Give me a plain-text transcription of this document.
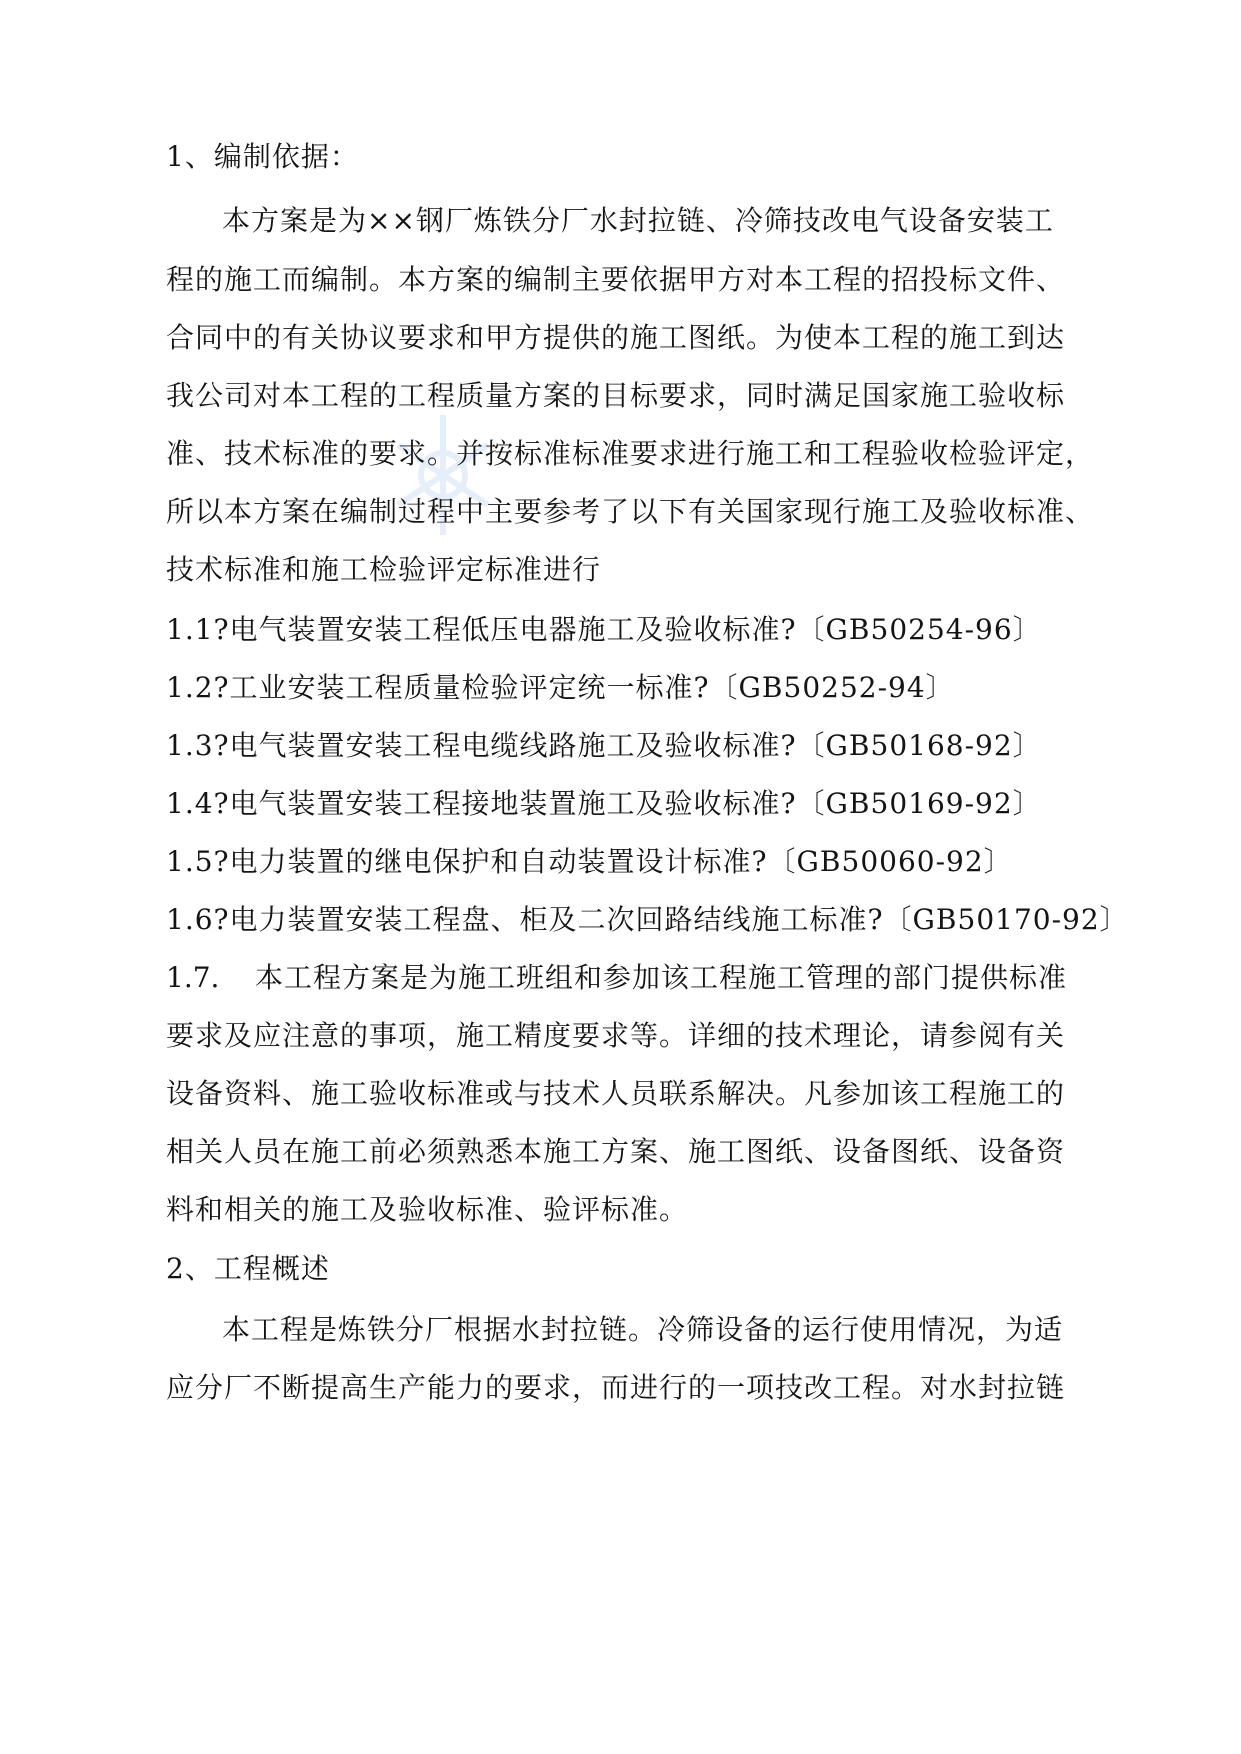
1、编制依据：
本方案是为××钢厂炼铁分厂水封拉链、冷筛技改电气设备安装工
程的施工而编制。本方案的编制主要依据甲方对本工程的招投标文件、
合同中的有关协议要求和甲方提供的施工图纸。为使本工程的施工到达
我公司对本工程的工程质量方案的目标要求，同时满足国家施工验收标
准、技术标准的要求。并按标准标准要求进行施工和工程验收检验评定，
所以本方案在编制过程中主要参考了以下有关国家现行施工及验收标准、
技术标准和施工检验评定标准进行
1.1?电气装置安装工程低压电器施工及验收标准?〔GB50254-96〕
1.2?工业安装工程质量检验评定统一标准?〔GB50252-94〕
1.3?电气装置安装工程电缆线路施工及验收标准?〔GB50168-92〕
1.4?电气装置安装工程接地装置施工及验收标准?〔GB50169-92〕
1.5?电力装置的继电保护和自动装置设计标准?〔GB50060-92〕
1.6?电力装置安装工程盘、柜及二次回路结线施工标准?〔GB50170-92〕
1.7. 本工程方案是为施工班组和参加该工程施工管理的部门提供标准
要求及应注意的事项，施工精度要求等。详细的技术理论，请参阅有关
设备资料、施工验收标准或与技术人员联系解决。凡参加该工程施工的
相关人员在施工前必须熟悉本施工方案、施工图纸、设备图纸、设备资
料和相关的施工及验收标准、验评标准。
2、工程概述
本工程是炼铁分厂根据水封拉链。冷筛设备的运行使用情况，为适
应分厂不断提高生产能力的要求，而进行的一项技改工程。对水封拉链
